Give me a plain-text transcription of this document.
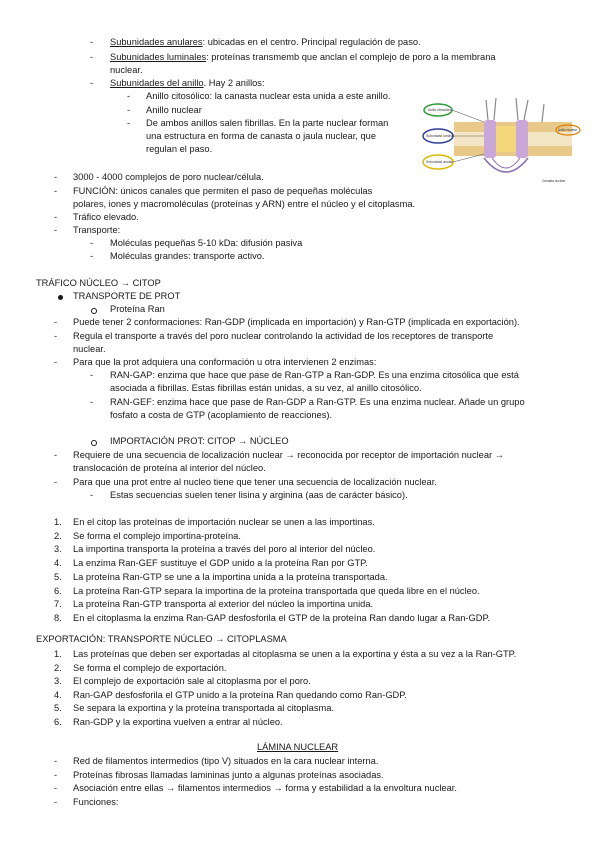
- Subunidades anulares: ubicadas en el centro. Principal regulación de paso.
- Subunidades luminales: proteínas transmemb que anclan el complejo de poro a la membrana
nuclear.
- Subunidades del anillo. Hay 2 anillos:
- Anillo citosólico: la canasta nuclear esta unida a este anillo.
- Anillo nuclear
- De ambos anillos salen fibrillas. En la parte nuclear forman
una estructura en forma de canasta o jaula nuclear, que
regulan el paso.
Anillo citosólico
Subunidad luminal
Subunidad anular
Anillo nuclear
Canasta nuclear
- 3000 - 4000 complejos de poro nuclear/célula.
- FUNCIÓN: únicos canales que permiten el paso de pequeñas moléculas
polares, iones y macromoléculas (proteínas y ARN) entre el núcleo y el citoplasma.
- Tráfico elevado.
- Transporte:
- Moléculas pequeñas 5-10 kDa: difusión pasiva
- Moléculas grandes: transporte activo.
TRÁFICO NÚCLEO → CITOP
TRANSPORTE DE PROT
Proteína Ran
- Puede tener 2 conformaciones: Ran-GDP (implicada en importación) y Ran-GTP (implicada en exportación).
- Regula el transporte a través del poro nuclear controlando la actividad de los receptores de transporte
nuclear.
- Para que la prot adquiera una conformación u otra intervienen 2 enzimas:
- RAN-GAP: enzima que hace que pase de Ran-GTP a Ran-GDP. Es una enzima citosólica que está
asociada a fibrillas. Estas fibrillas están unidas, a su vez, al anillo citosólico.
- RAN-GEF: enzima hace que pase de Ran-GDP a Ran-GTP. Es una enzima nuclear. Añade un grupo
fosfato a costa de GTP (acoplamiento de reacciones).
IMPORTACIÓN PROT: CITOP → NÚCLEO
- Requiere de una secuencia de localización nuclear → reconocida por receptor de importación nuclear →
translocación de proteína al interior del núcleo.
- Para que una prot entre al nucleo tiene que tener una secuencia de localización nuclear.
- Estas secuencias suelen tener lisina y arginina (aas de carácter básico).
1. En el citop las proteínas de importación nuclear se unen a las importinas.
2. Se forma el complejo importina-proteína.
3. La importina transporta la proteína a través del poro al interior del núcleo.
4. La enzima Ran-GEF sustituye el GDP unido a la proteína Ran por GTP.
5. La proteína Ran-GTP se une a la importina unida a la proteína transportada.
6. La proteína Ran-GTP separa la importina de la proteína transportada que queda libre en el núcleo.
7. La proteína Ran-GTP transporta al exterior del núcleo la importina unida.
8. En el citoplasma la enzima Ran-GAP desfosforila el GTP de la proteína Ran dando lugar a Ran-GDP.
EXPORTACIÓN: TRANSPORTE NÚCLEO → CITOPLASMA
1. Las proteínas que deben ser exportadas al citoplasma se unen a la exportina y ésta a su vez a la Ran-GTP.
2. Se forma el complejo de exportación.
3. El complejo de exportación sale al citoplasma por el poro.
4. Ran-GAP desfosforila el GTP unido a la proteína Ran quedando como Ran-GDP.
5. Se separa la exportina y la proteína transportada al citoplasma.
6. Ran-GDP y la exportina vuelven a entrar al núcleo.
LÁMINA NUCLEAR
- Red de filamentos intermedios (tipo V) situados en la cara nuclear interna.
- Proteínas fibrosas llamadas lamininas junto a algunas proteínas asociadas.
- Asociación entre ellas → filamentos intermedios → forma y estabilidad a la envoltura nuclear.
- Funciones:
